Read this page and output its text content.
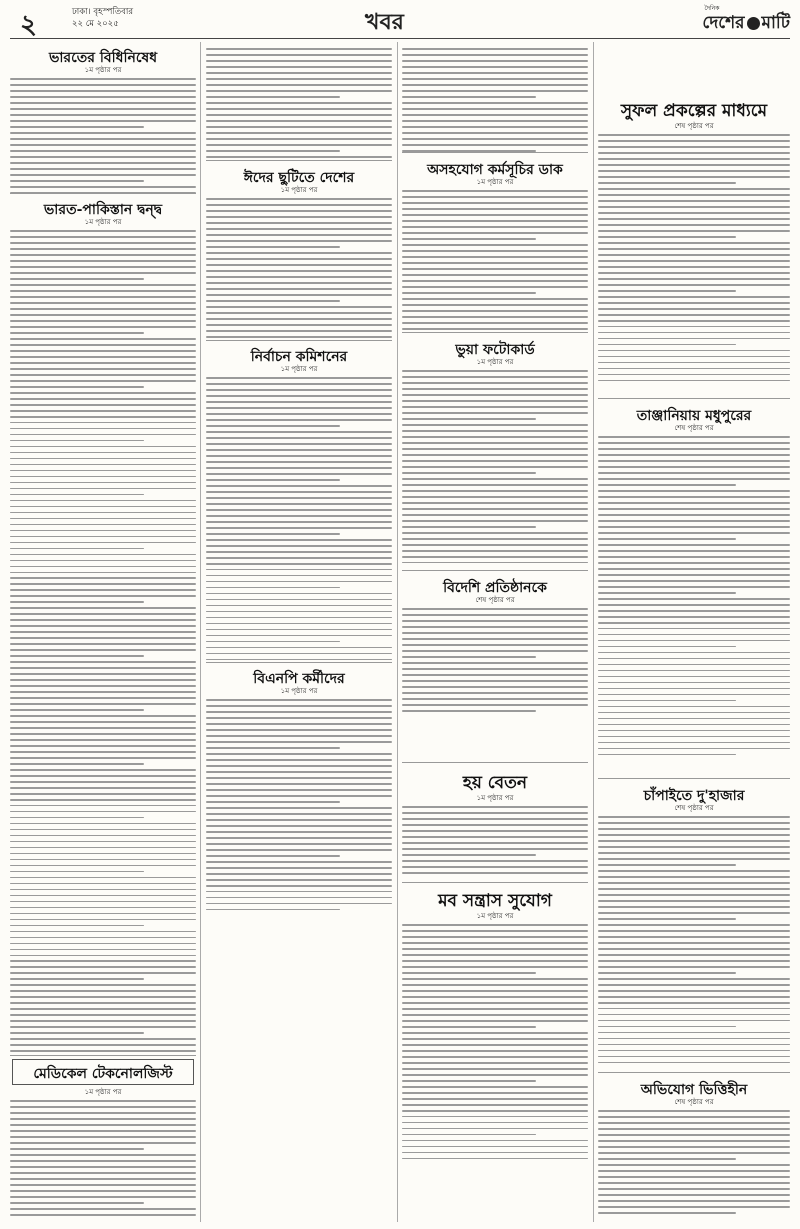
২	ঢাকা। বৃহস্পতিবার
২২ মে ২০২৫	খবর
দৈনিক
দেশের মাটি
ভারতের বিধিনিষেধ
১ম পৃষ্ঠার পর
ভারত-পাকিস্তান দ্বন্দ্ব
১ম পৃষ্ঠার পর
মেডিকেল টেকনোলজিস্ট
১ম পৃষ্ঠার পর
ঈদের ছুটিতে দেশের
১ম পৃষ্ঠার পর
নির্বাচন কমিশনের
১ম পৃষ্ঠার পর
বিএনপি কর্মীদের
১ম পৃষ্ঠার পর
অসহযোগ কর্মসূচির ডাক
১ম পৃষ্ঠার পর
ভুয়া ফটোকার্ড
১ম পৃষ্ঠার পর
বিদেশি প্রতিষ্ঠানকে
শেষ পৃষ্ঠার পর
হয় বেতন
১ম পৃষ্ঠার পর
মব সন্ত্রাস সুযোগ
১ম পৃষ্ঠার পর
সুফল প্রকল্পের মাধ্যমে
শেষ পৃষ্ঠার পর
তাঞ্জানিয়ায় মধুপুরের
শেষ পৃষ্ঠার পর
চাঁপাইতে দু'হাজার
শেষ পৃষ্ঠার পর
অভিযোগ ভিত্তিহীন
শেষ পৃষ্ঠার পর
